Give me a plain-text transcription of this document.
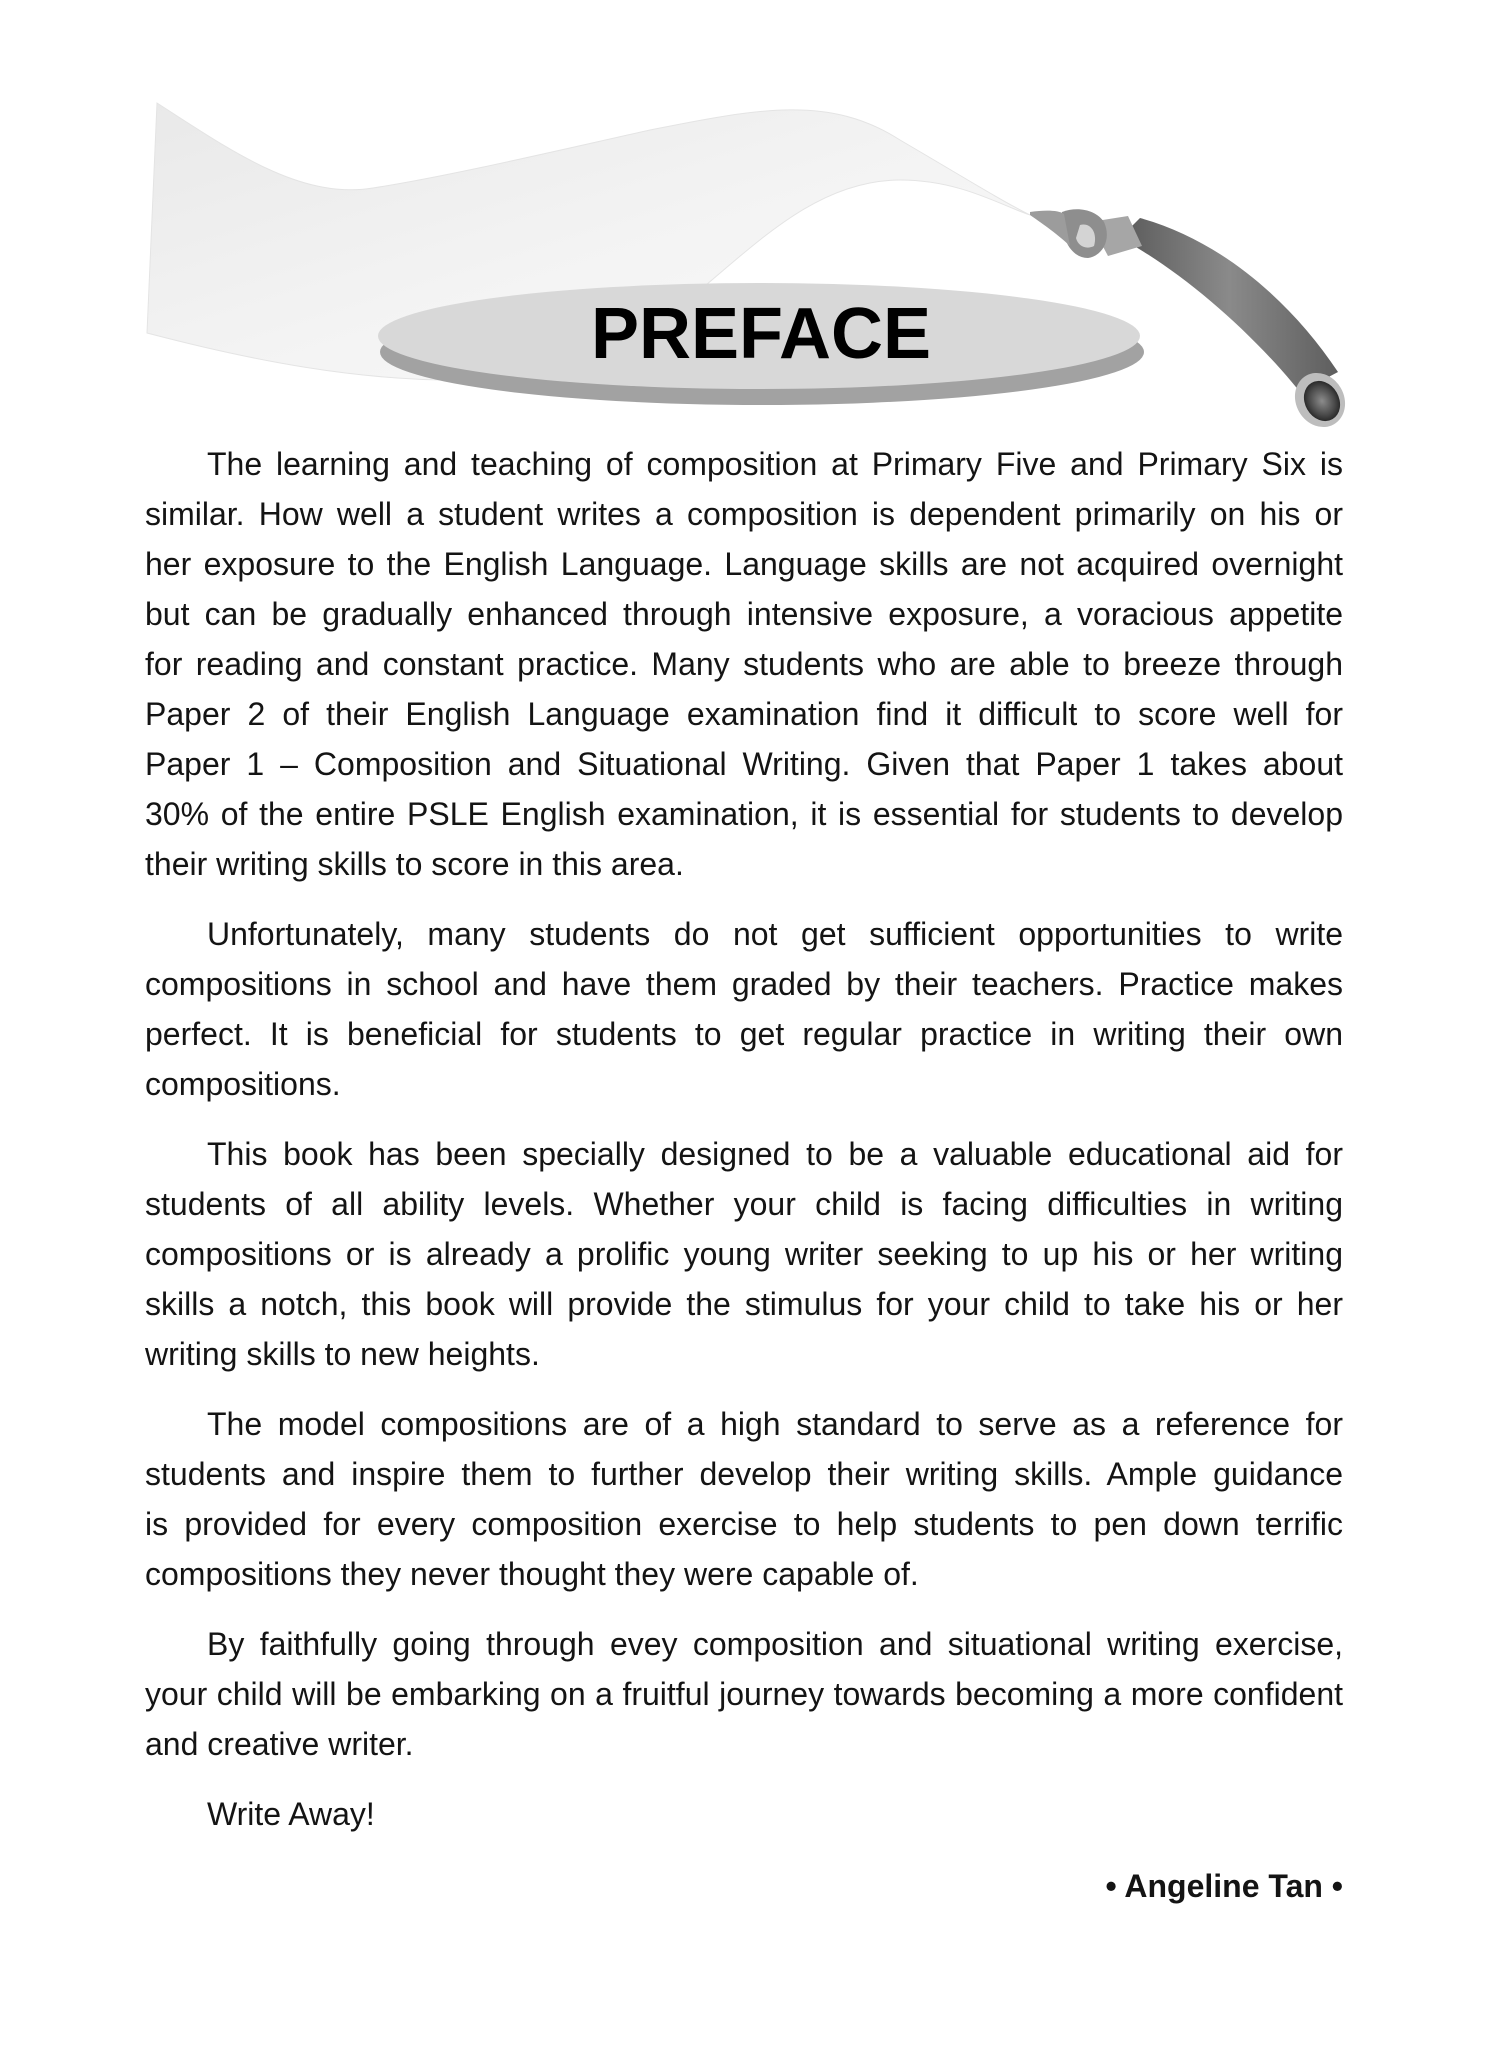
PREFACE
The learning and teaching of composition at Primary Five and Primary Six is
similar. How well a student writes a composition is dependent primarily on his or
her exposure to the English Language. Language skills are not acquired overnight
but can be gradually enhanced through intensive exposure, a voracious appetite
for reading and constant practice. Many students who are able to breeze through
Paper 2 of their English Language examination find it difficult to score well for
Paper 1 – Composition and Situational Writing. Given that Paper 1 takes about
30% of the entire PSLE English examination, it is essential for students to develop
their writing skills to score in this area.
Unfortunately, many students do not get sufficient opportunities to write
compositions in school and have them graded by their teachers. Practice makes
perfect. It is beneficial for students to get regular practice in writing their own
compositions.
This book has been specially designed to be a valuable educational aid for
students of all ability levels. Whether your child is facing difficulties in writing
compositions or is already a prolific young writer seeking to up his or her writing
skills a notch, this book will provide the stimulus for your child to take his or her
writing skills to new heights.
The model compositions are of a high standard to serve as a reference for
students and inspire them to further develop their writing skills. Ample guidance
is provided for every composition exercise to help students to pen down terrific
compositions they never thought they were capable of.
By faithfully going through evey composition and situational writing exercise,
your child will be embarking on a fruitful journey towards becoming a more confident
and creative writer.
Write Away!
• Angeline Tan •
